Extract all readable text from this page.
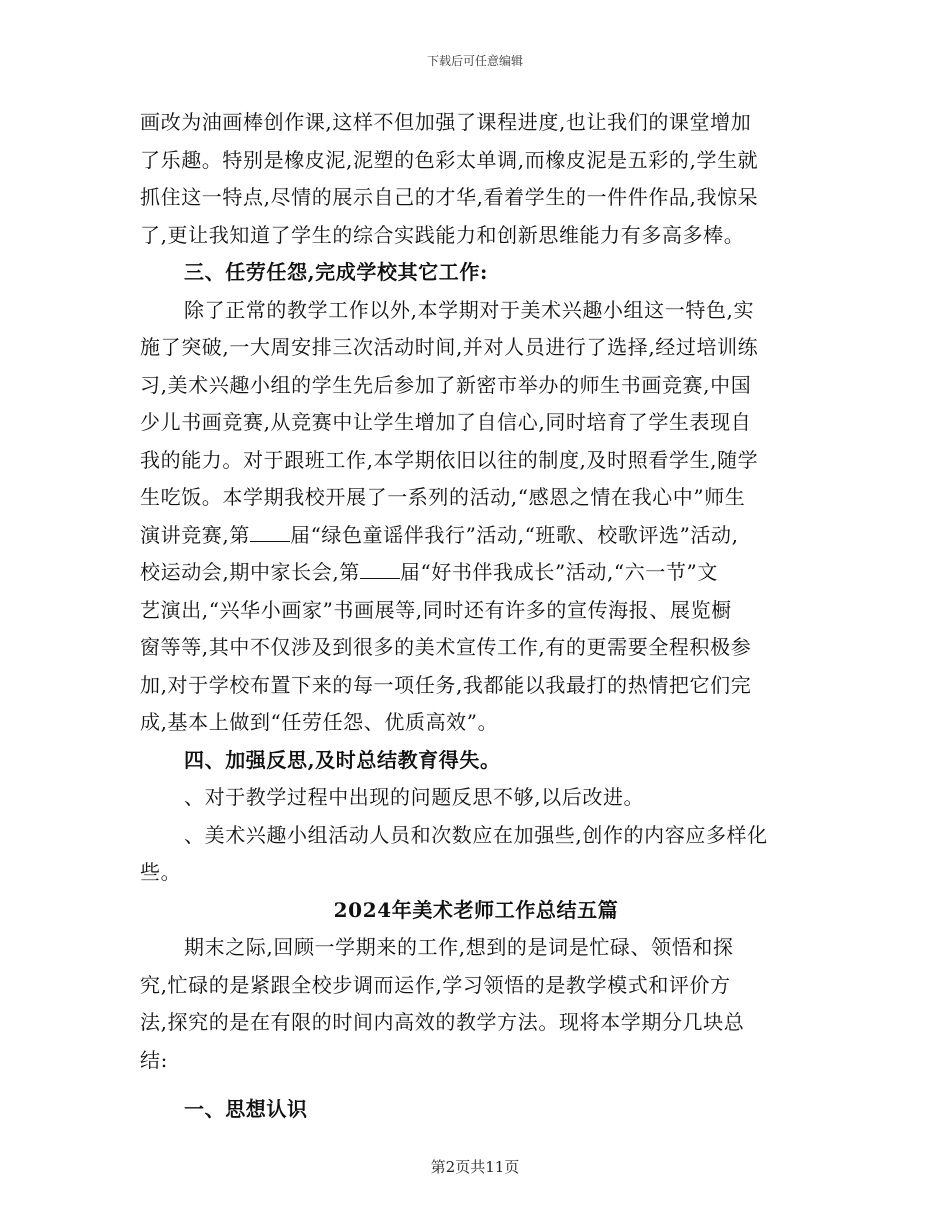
下载后可任意编辑
画改为油画棒创作课,这样不但加强了课程进度,也让我们的课堂增加
了乐趣。特别是橡皮泥,泥塑的色彩太单调,而橡皮泥是五彩的,学生就
抓住这一特点,尽情的展示自己的才华,看着学生的一件件作品,我惊呆
了,更让我知道了学生的综合实践能力和创新思维能力有多高多棒。
三、任劳任怨,完成学校其它工作:
除了正常的教学工作以外,本学期对于美术兴趣小组这一特色,实
施了突破,一大周安排三次活动时间,并对人员进行了选择,经过培训练
习,美术兴趣小组的学生先后参加了新密市举办的师生书画竞赛,中国
少儿书画竞赛,从竞赛中让学生增加了自信心,同时培育了学生表现自
我的能力。对于跟班工作,本学期依旧以往的制度,及时照看学生,随学
生吃饭。本学期我校开展了一系列的活动,“感恩之情在我心中”师生
演讲竞赛,第 届“绿色童谣伴我行”活动,“班歌、校歌评选”活动,
校运动会,期中家长会,第 届“好书伴我成长”活动,“六一节”文
艺演出,“兴华小画家”书画展等,同时还有许多的宣传海报、展览橱
窗等等,其中不仅涉及到很多的美术宣传工作,有的更需要全程积极参
加,对于学校布置下来的每一项任务,我都能以我最打的热情把它们完
成,基本上做到“任劳任怨、优质高效”。
四、加强反思,及时总结教育得失。
、对于教学过程中出现的问题反思不够,以后改进。
、美术兴趣小组活动人员和次数应在加强些,创作的内容应多样化
些。
2024年美术老师工作总结五篇
期末之际,回顾一学期来的工作,想到的是词是忙碌、领悟和探
究,忙碌的是紧跟全校步调而运作,学习领悟的是教学模式和评价方
法,探究的是在有限的时间内高效的教学方法。现将本学期分几块总
结:
一、思想认识
第2页共11页
